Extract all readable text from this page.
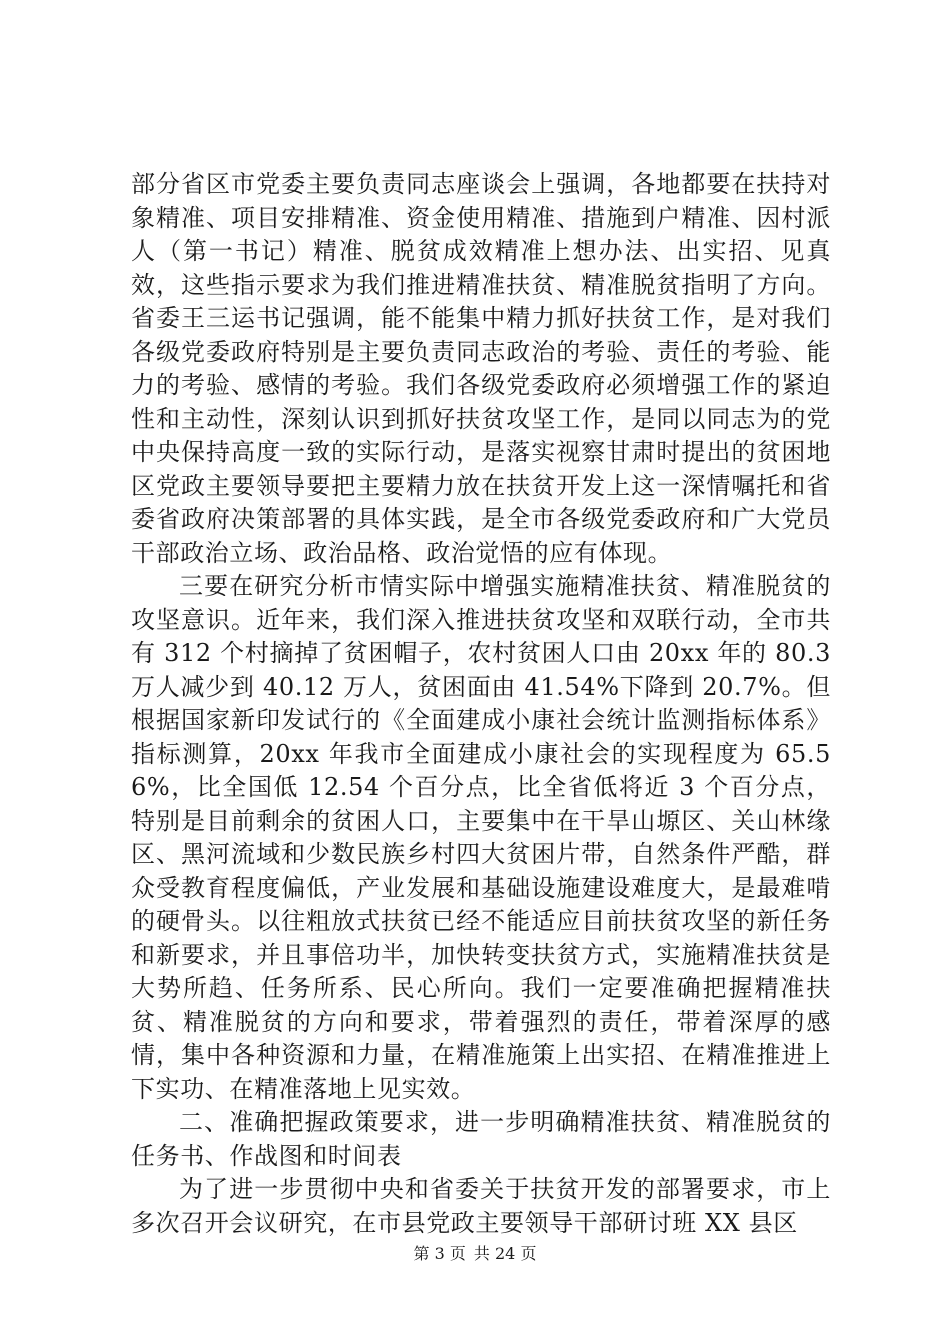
部分省区市党委主要负责同志座谈会上强调，各地都要在扶持对象精准、项目安排精准、资金使用精准、措施到户精准、因村派人（第一书记）精准、脱贫成效精准上想办法、出实招、见真效，这些指示要求为我们推进精准扶贫、精准脱贫指明了方向。省委王三运书记强调，能不能集中精力抓好扶贫工作，是对我们各级党委政府特别是主要负责同志政治的考验、责任的考验、能力的考验、感情的考验。我们各级党委政府必须增强工作的紧迫性和主动性，深刻认识到抓好扶贫攻坚工作，是同以同志为的党中央保持高度一致的实际行动，是落实视察甘肃时提出的贫困地区党政主要领导要把主要精力放在扶贫开发上这一深情嘱托和省委省政府决策部署的具体实践，是全市各级党委政府和广大党员干部政治立场、政治品格、政治觉悟的应有体现。

三要在研究分析市情实际中增强实施精准扶贫、精准脱贫的攻坚意识。近年来，我们深入推进扶贫攻坚和双联行动，全市共有 312 个村摘掉了贫困帽子，农村贫困人口由 20xx 年的 80.3 万人减少到 40.12 万人，贫困面由 41.54%下降到 20.7%。但根据国家新印发试行的《全面建成小康社会统计监测指标体系》指标测算，20xx 年我市全面建成小康社会的实现程度为 65.56%，比全国低 12.54 个百分点，比全省低将近 3 个百分点，特别是目前剩余的贫困人口，主要集中在干旱山塬区、关山林缘区、黑河流域和少数民族乡村四大贫困片带，自然条件严酷，群众受教育程度偏低，产业发展和基础设施建设难度大，是最难啃的硬骨头。以往粗放式扶贫已经不能适应目前扶贫攻坚的新任务和新要求，并且事倍功半，加快转变扶贫方式，实施精准扶贫是大势所趋、任务所系、民心所向。我们一定要准确把握精准扶贫、精准脱贫的方向和要求，带着强烈的责任，带着深厚的感情，集中各种资源和力量，在精准施策上出实招、在精准推进上下实功、在精准落地上见实效。

二、准确把握政策要求，进一步明确精准扶贫、精准脱贫的任务书、作战图和时间表

为了进一步贯彻中央和省委关于扶贫开发的部署要求，市上多次召开会议研究，在市县党政主要领导干部研讨班 XX 县区

第 3 页 共 24 页
